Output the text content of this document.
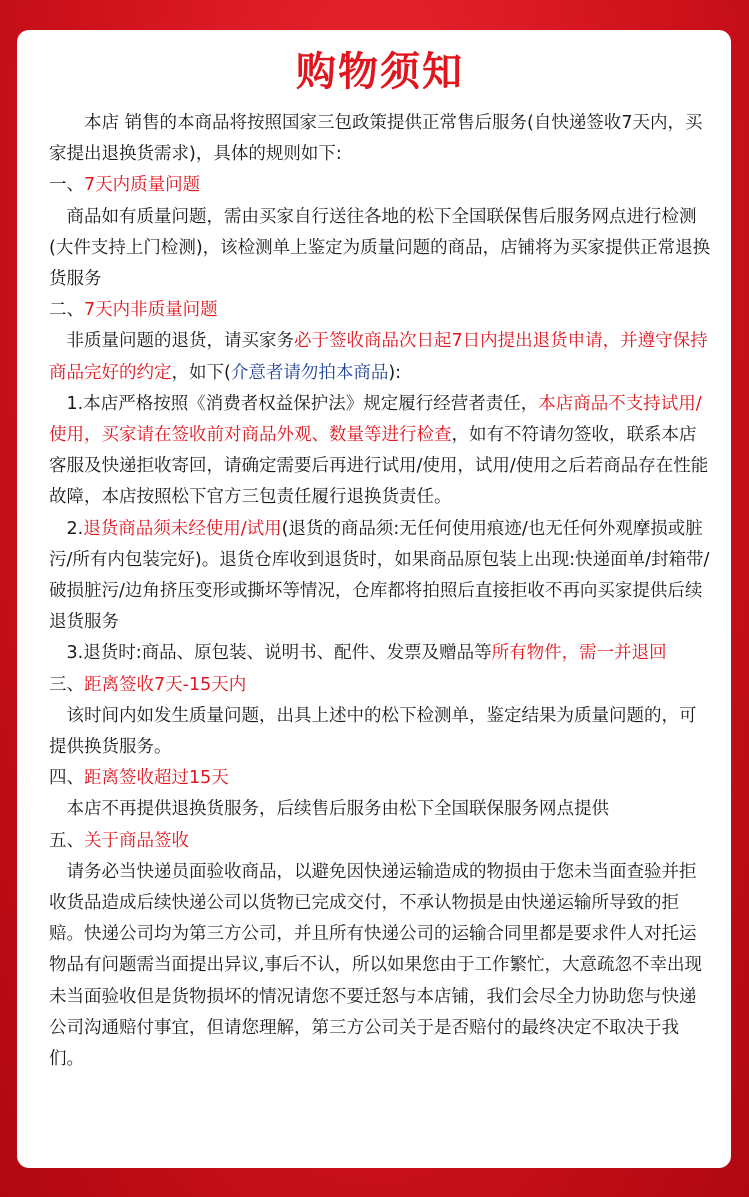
购物须知

本店 销售的本商品将按照国家三包政策提供正常售后服务(自快递签收7天内，买家提出退换货需求)，具体的规则如下:

一、7天内质量问题

商品如有质量问题，需由买家自行送往各地的松下全国联保售后服务网点进行检测(大件支持上门检测)，该检测单上鉴定为质量问题的商品，店铺将为买家提供正常退换货服务

二、7天内非质量问题

非质量问题的退货，请买家务必于签收商品次日起7日内提出退货申请，并遵守保持商品完好的约定，如下(介意者请勿拍本商品):

1.本店严格按照《消费者权益保护法》规定履行经营者责任，本店商品不支持试用/使用，买家请在签收前对商品外观、数量等进行检查，如有不符请勿签收，联系本店客服及快递拒收寄回，请确定需要后再进行试用/使用，试用/使用之后若商品存在性能故障，本店按照松下官方三包责任履行退换货责任。

2.退货商品须未经使用/试用(退货的商品须:无任何使用痕迹/也无任何外观摩损或脏污/所有内包装完好)。退货仓库收到退货时，如果商品原包装上出现:快递面单/封箱带/破损脏污/边角挤压变形或撕坏等情况，仓库都将拍照后直接拒收不再向买家提供后续退货服务

3.退货时:商品、原包装、说明书、配件、发票及赠品等所有物件，需一并退回

三、距离签收7天-15天内

该时间内如发生质量问题，出具上述中的松下检测单，鉴定结果为质量问题的，可提供换货服务。

四、距离签收超过15天

本店不再提供退换货服务，后续售后服务由松下全国联保服务网点提供

五、关于商品签收

请务必当快递员面验收商品，以避免因快递运输造成的物损由于您未当面查验并拒收货品造成后续快递公司以货物已完成交付，不承认物损是由快递运输所导致的拒赔。快递公司均为第三方公司，并且所有快递公司的运输合同里都是要求件人对托运物品有问题需当面提出异议,事后不认，所以如果您由于工作繁忙，大意疏忽不幸出现未当面验收但是货物损坏的情况请您不要迁怒与本店铺，我们会尽全力协助您与快递公司沟通赔付事宜，但请您理解，第三方公司关于是否赔付的最终决定不取决于我们。
